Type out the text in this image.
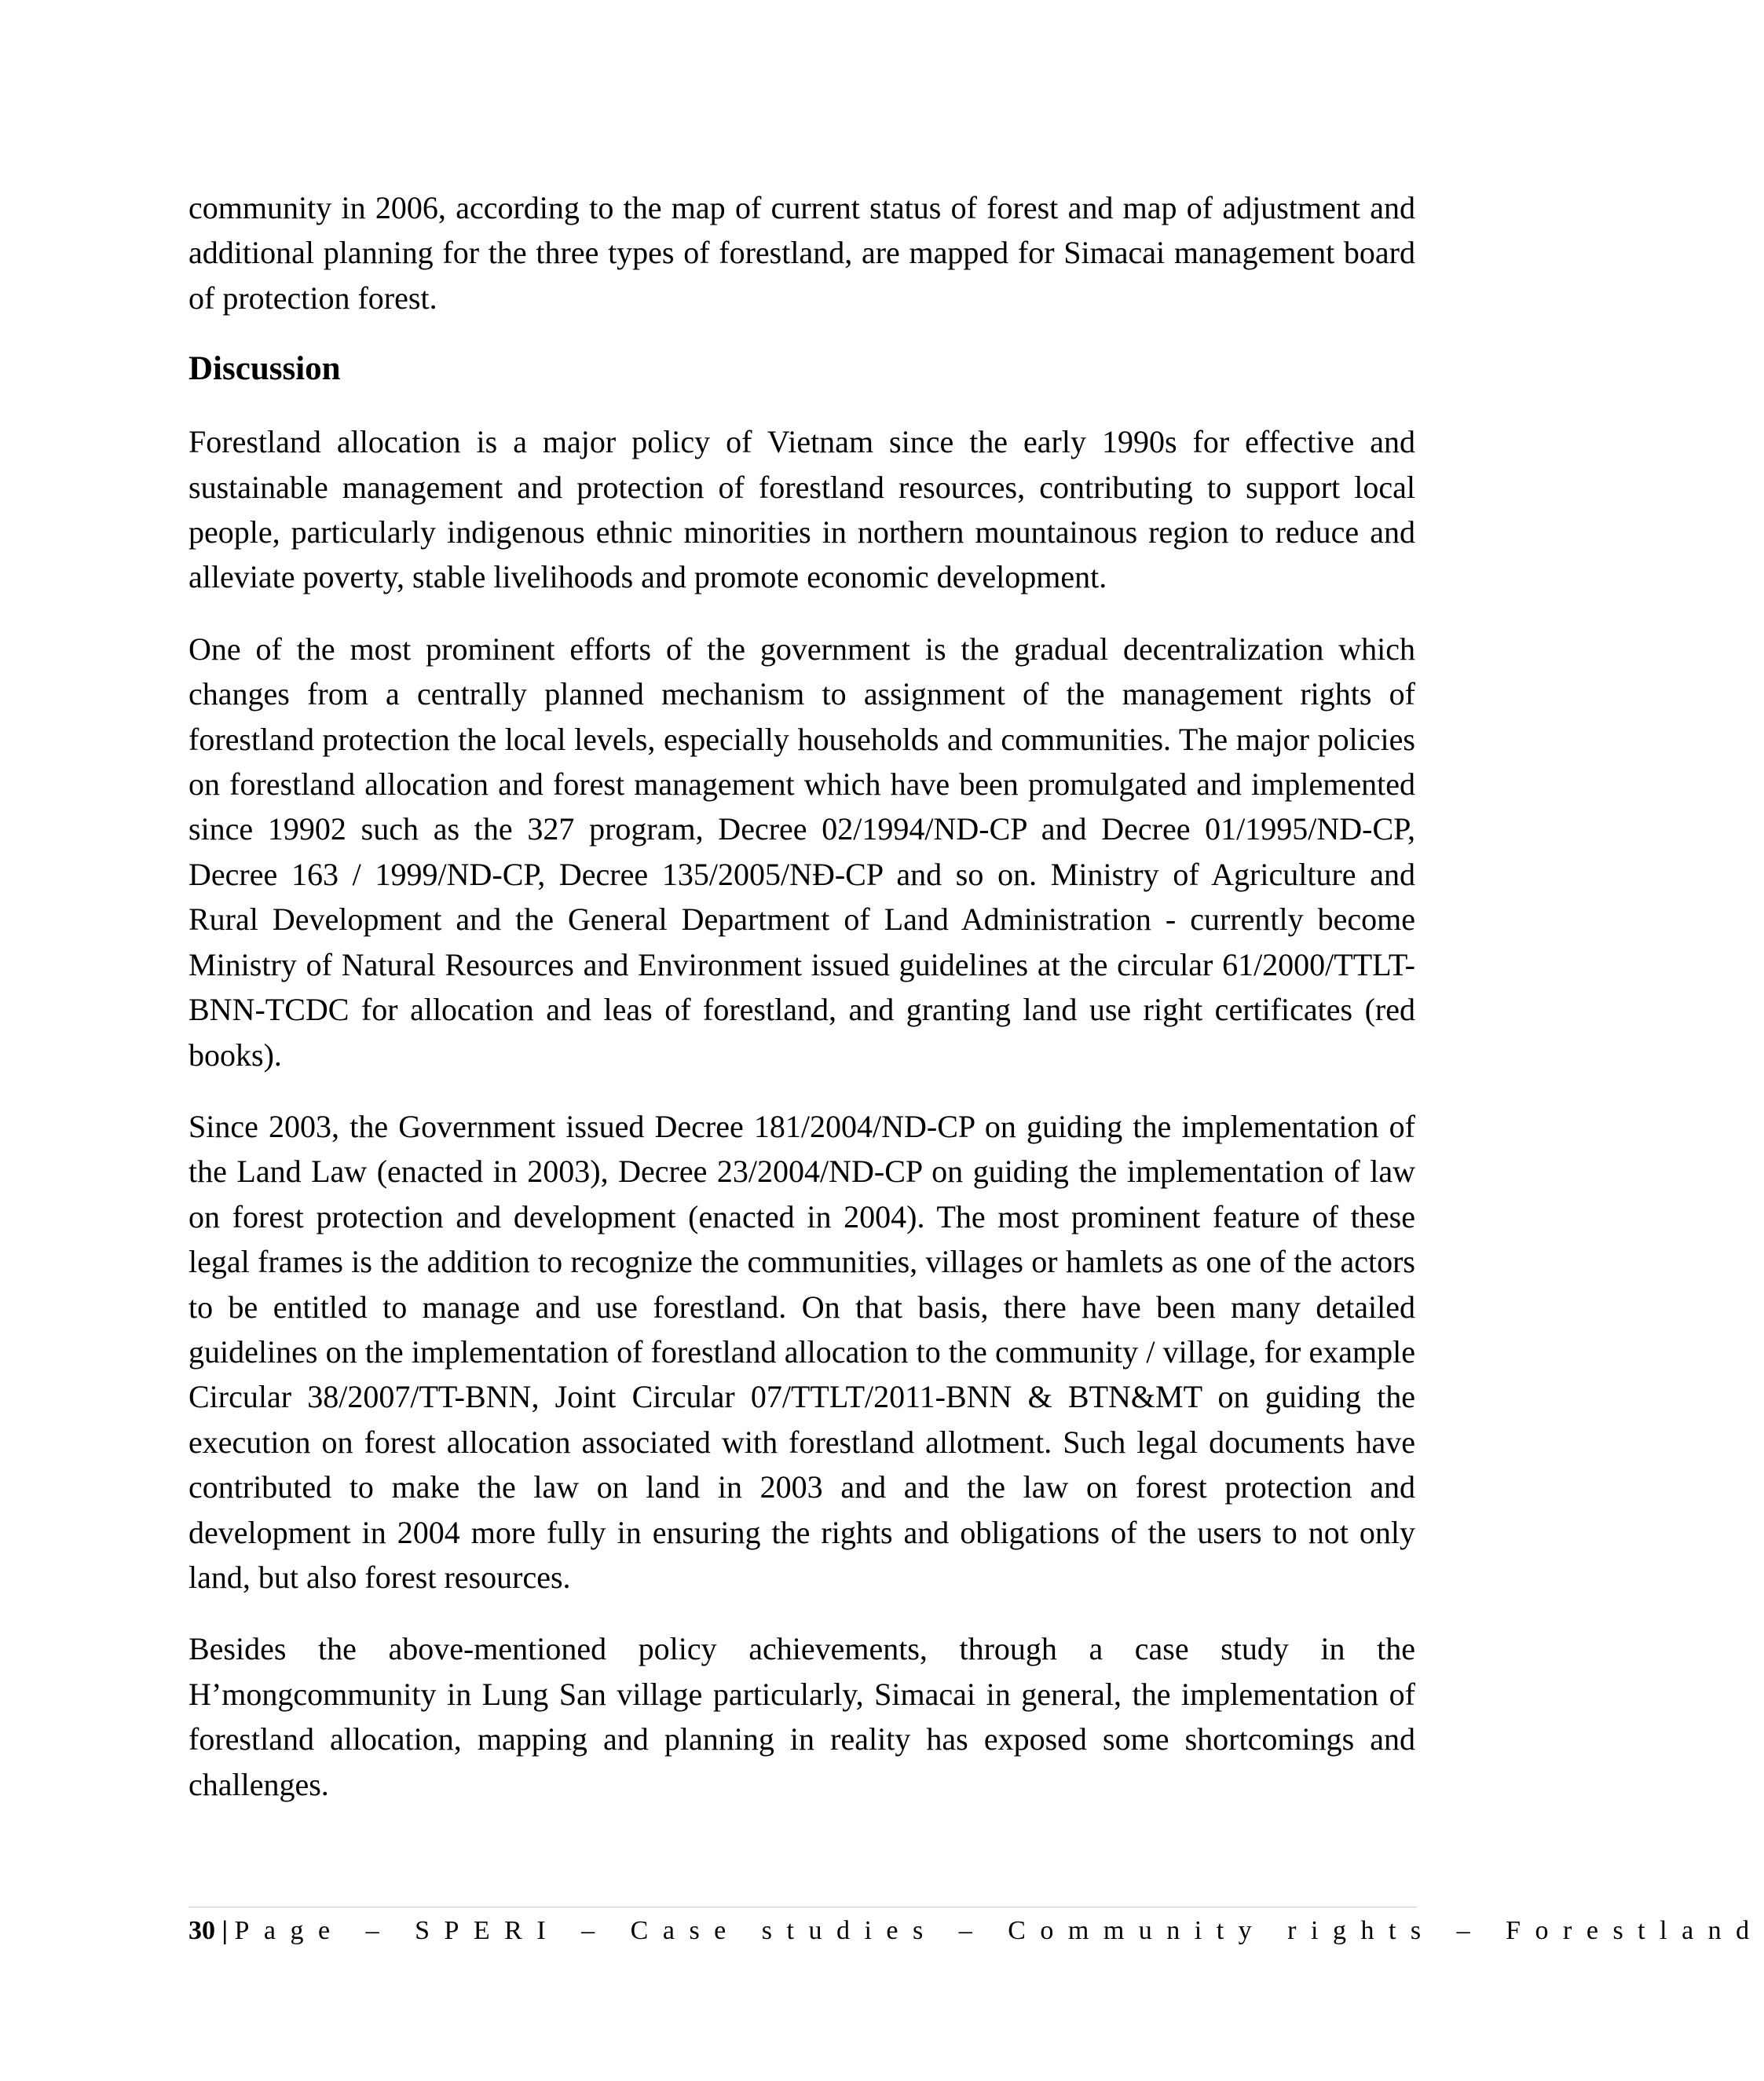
community in 2006, according to the map of current status of forest and map of adjustment and additional planning for the three types of forestland, are mapped for Simacai management board of protection forest.

Discussion

Forestland allocation is a major policy of Vietnam since the early 1990s for effective and sustainable management and protection of forestland resources, contributing to support local people, particularly indigenous ethnic minorities in northern mountainous region to reduce and alleviate poverty, stable livelihoods and promote economic development.

One of the most prominent efforts of the government is the gradual decentralization which changes from a centrally planned mechanism to assignment of the management rights of forestland protection the local levels, especially households and communities. The major policies on forestland allocation and forest management which have been promulgated and implemented since 19902 such as the 327 program, Decree 02/1994/ND-CP and Decree 01/1995/ND-CP, Decree 163 / 1999/ND-CP, Decree 135/2005/NĐ-CP and so on. Ministry of Agriculture and Rural Development and the General Department of Land Administration - currently become Ministry of Natural Resources and Environment issued guidelines at the circular 61/2000/TTLT-BNN-TCDC for allocation and leas of forestland, and granting land use right certificates (red books).

Since 2003, the Government issued Decree 181/2004/ND-CP on guiding the implementation of the Land Law (enacted in 2003), Decree 23/2004/ND-CP on guiding the implementation of law on forest protection and development (enacted in 2004). The most prominent feature of these legal frames is the addition to recognize the communities, villages or hamlets as one of the actors to be entitled to manage and use forestland. On that basis, there have been many detailed guidelines on the implementation of forestland allocation to the community / village, for example Circular 38/2007/TT-BNN, Joint Circular 07/TTLT/2011-BNN & BTN&MT on guiding the execution on forest allocation associated with forestland allotment. Such legal documents have contributed to make the law on land in 2003 and and the law on forest protection and development in 2004 more fully in ensuring the rights and obligations of the users to not only land, but also forest resources.

Besides the above-mentioned policy achievements, through a case study in the H’mongcommunity in Lung San village particularly, Simacai in general, the implementation of forestland allocation, mapping and planning in reality has exposed some shortcomings and challenges.

30 | Page – SPERI – Case studies – Community rights – Forestland
